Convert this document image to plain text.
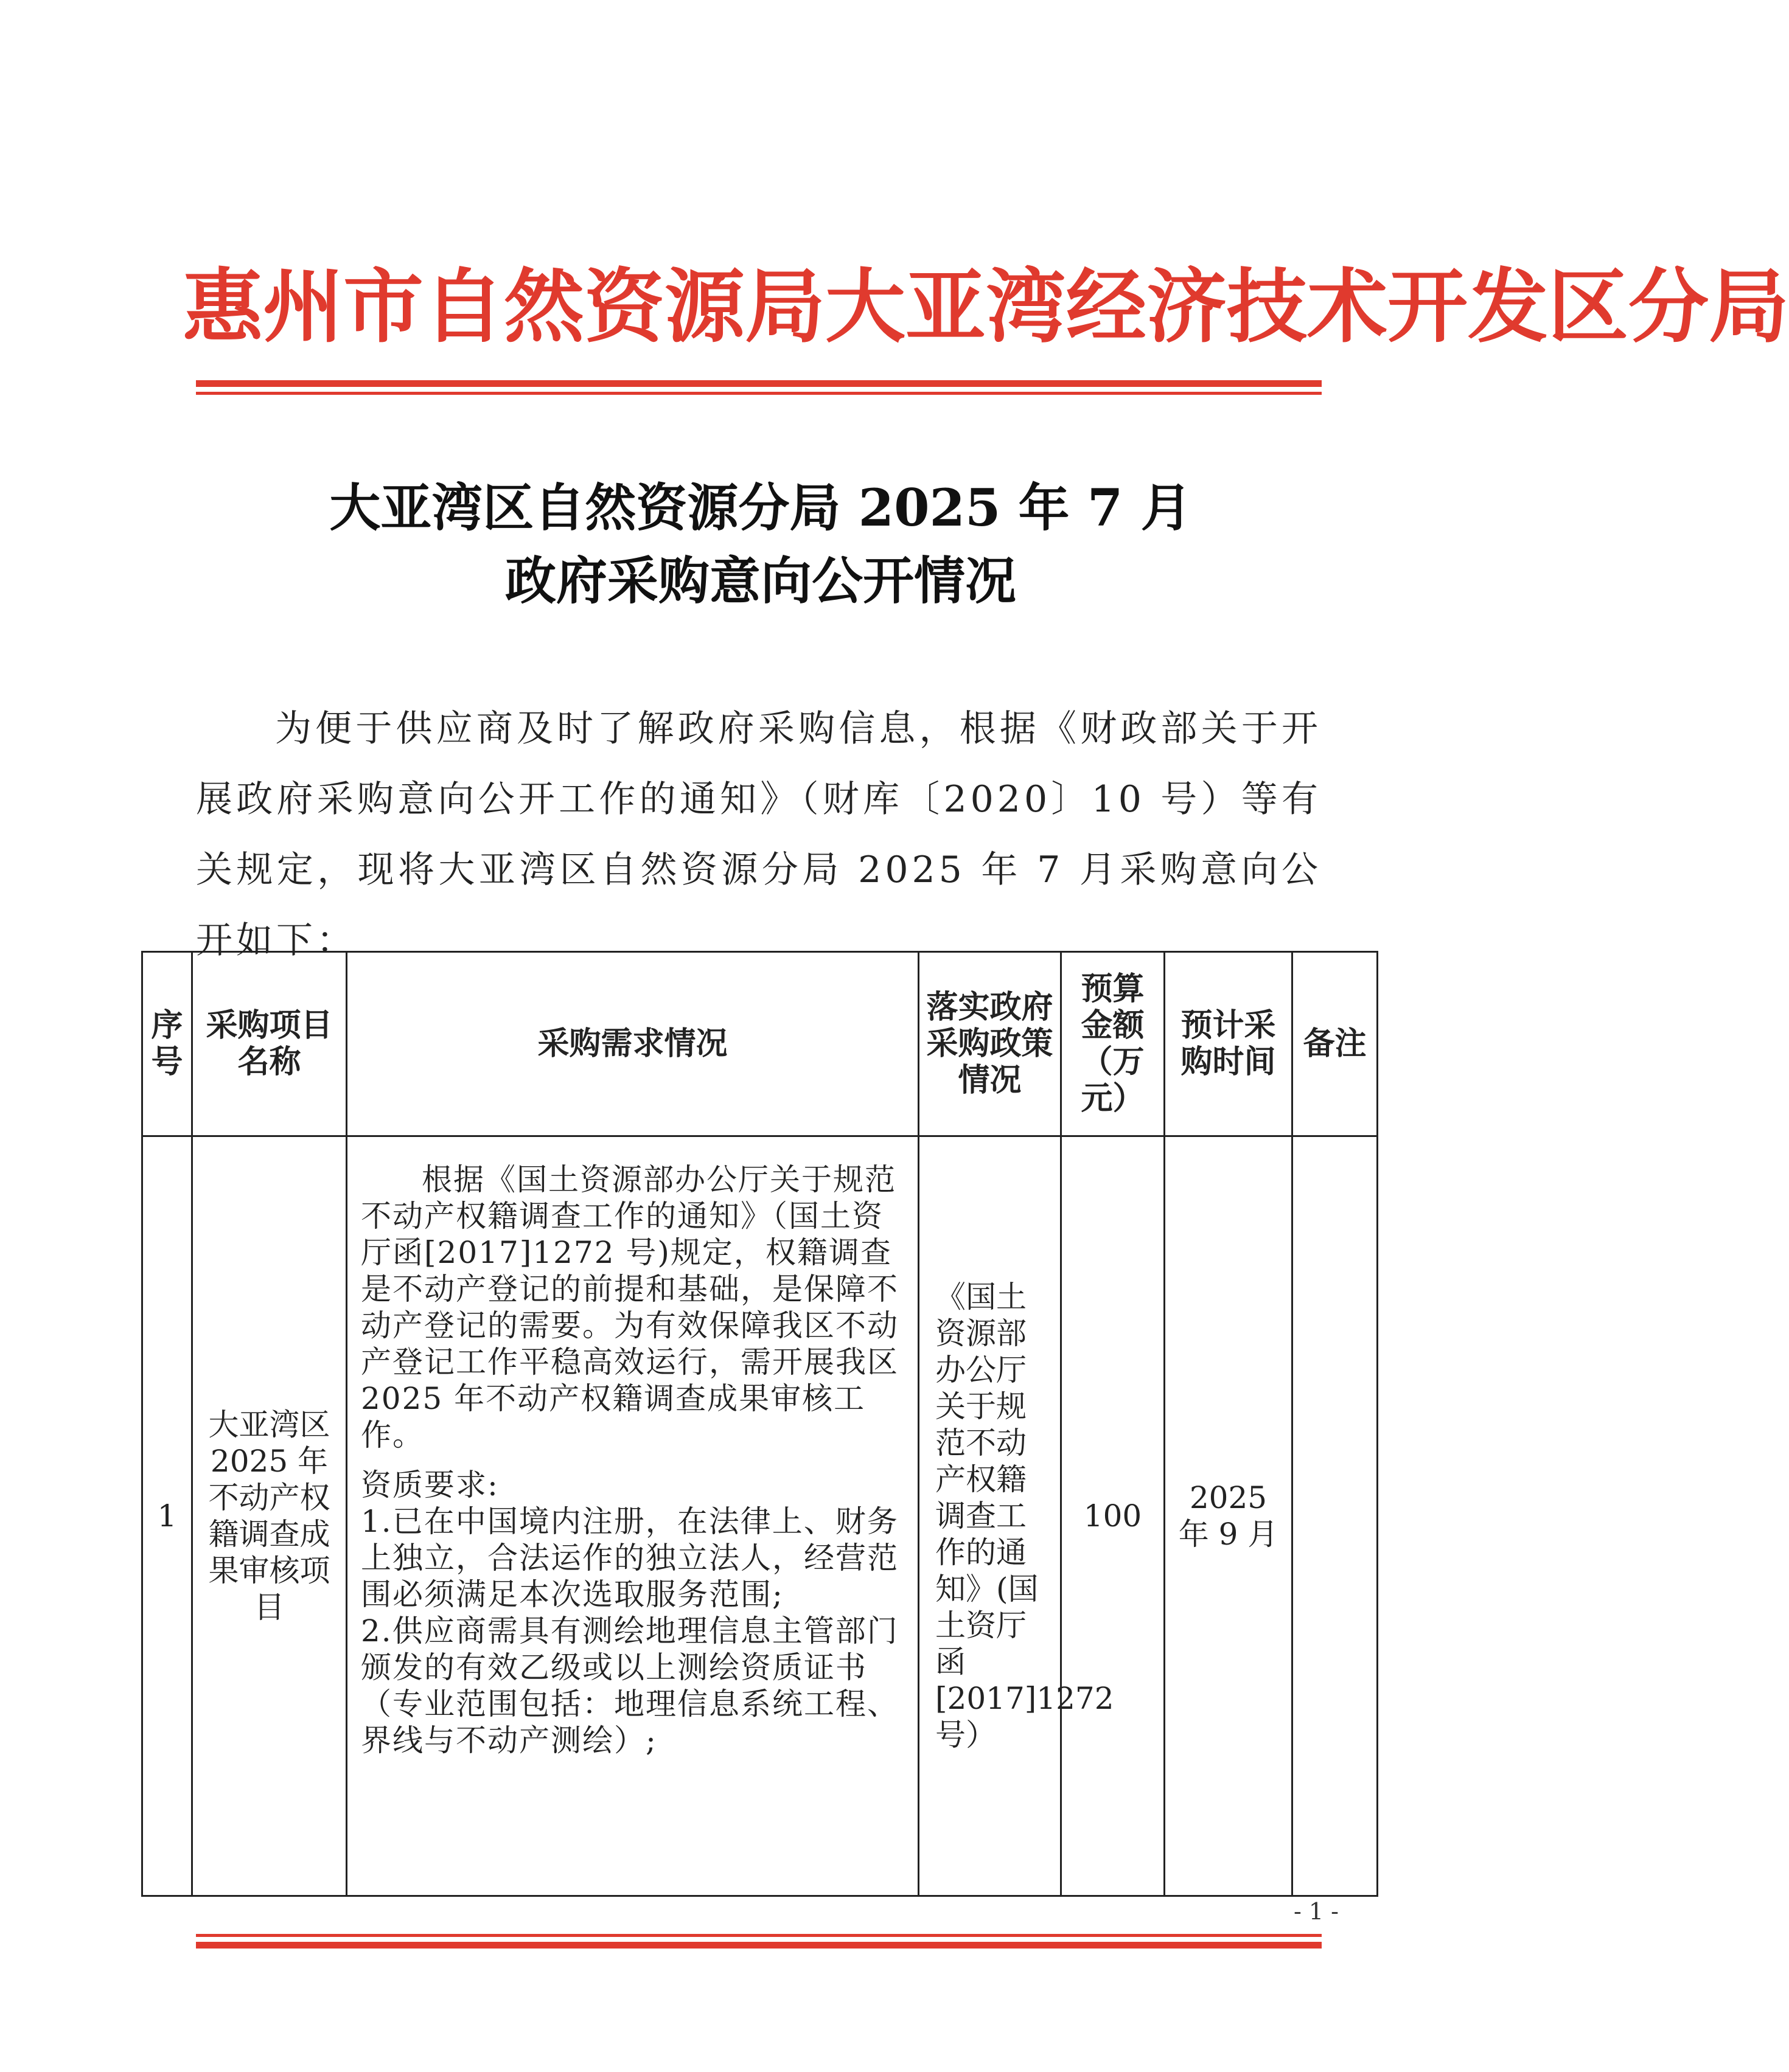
惠州市自然资源局大亚湾经济技术开发区分局
大亚湾区自然资源分局 2025 年 7 月
政府采购意向公开情况

为便于供应商及时了解政府采购信息，根据《财政部关于开展政府采购意向公开工作的通知》（财库〔2020〕10 号）等有关规定，现将大亚湾区自然资源分局 2025 年 7 月采购意向公开如下：

序号	采购项目名称	采购需求情况	落实政府采购政策情况	预算金额（万元）	预计采购时间	备注
1	大亚湾区 2025 年不动产权籍调查成果审核项目	根据《国土资源部办公厅关于规范不动产权籍调查工作的通知》（国土资厅函[2017]1272 号)规定，权籍调查是不动产登记的前提和基础，是保障不动产登记的需要。为有效保障我区不动产登记工作平稳高效运行，需开展我区 2025 年不动产权籍调查成果审核工作。

资质要求:

1.已在中国境内注册，在法律上、财务上独立，合法运作的独立法人，经营范围必须满足本次选取服务范围;

2.供应商需具有测绘地理信息主管部门颁发的有效乙级或以上测绘资质证书（专业范围包括：地理信息系统工程、界线与不动产测绘）;	《国土资源部办公厅关于规范不动产权籍调查工作的通知》(国土资厅函[2017]1272 号）	100	2025 年 9 月	

- 1 -
